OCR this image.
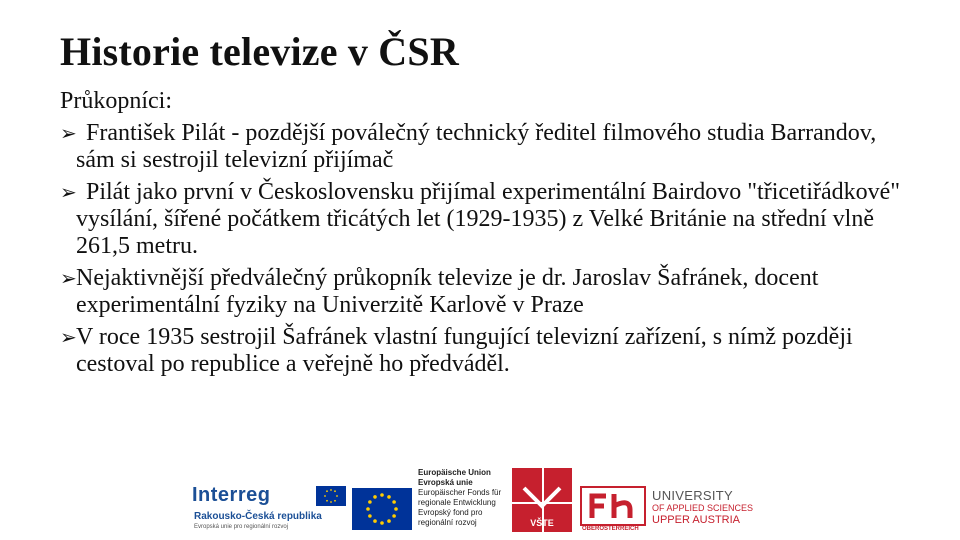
Historie televize v ČSR

Průkopníci:

➢ František Pilát - pozdější poválečný technický ředitel filmového studia Barrandov, sám si sestrojil televizní přijímač
➢ Pilát jako první v Československu přijímal experimentální Bairdovo "třicetiřádkové" vysílání, šířené počátkem třicátých let (1929-1935) z Velké Británie na střední vlně 261,5 metru.
➢ Nejaktivnější předválečný průkopník televize je dr. Jaroslav Šafránek, docent experimentální fyziky na Univerzitě Karlově v Praze
➢ V roce 1935 sestrojil Šafránek vlastní fungující televizní zařízení, s nímž později cestoval po republice a veřejně ho předváděl.
Interreg
Rakousko-Česká republika
Evropská unie pro regionální rozvoj
Europäische Union
Evropská unie
Europäischer Fonds für regionale Entwicklung
Evropský fond pro regionální rozvoj	VŠTE
OBERÖSTERREICH
UNIVERSITY
OF APPLIED SCIENCES
UPPER AUSTRIA
